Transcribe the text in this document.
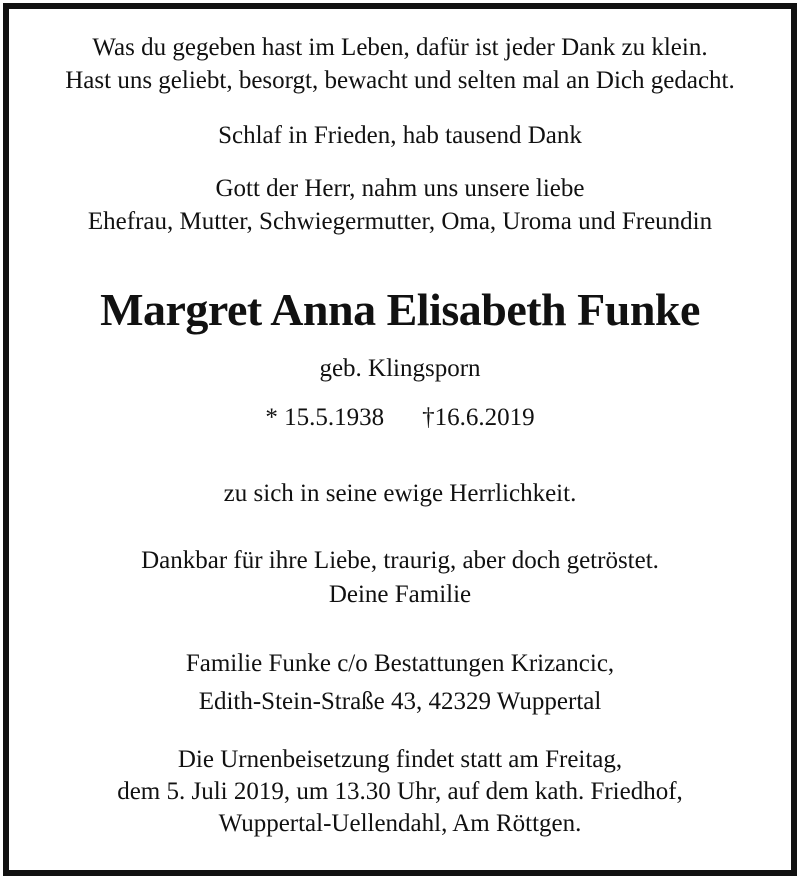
Was du gegeben hast im Leben, dafür ist jeder Dank zu klein.
Hast uns geliebt, besorgt, bewacht und selten mal an Dich gedacht.
Schlaf in Frieden, hab tausend Dank
Gott der Herr, nahm uns unsere liebe
Ehefrau, Mutter, Schwiegermutter, Oma, Uroma und Freundin
Margret Anna Elisabeth Funke
geb. Klingsporn
* 15.5.1938 †16.6.2019
zu sich in seine ewige Herrlichkeit.
Dankbar für ihre Liebe, traurig, aber doch getröstet.
Deine Familie
Familie Funke c/o Bestattungen Krizancic,
Edith-Stein-Straße 43, 42329 Wuppertal
Die Urnenbeisetzung findet statt am Freitag,
dem 5. Juli 2019, um 13.30 Uhr, auf dem kath. Friedhof,
Wuppertal-Uellendahl, Am Röttgen.
